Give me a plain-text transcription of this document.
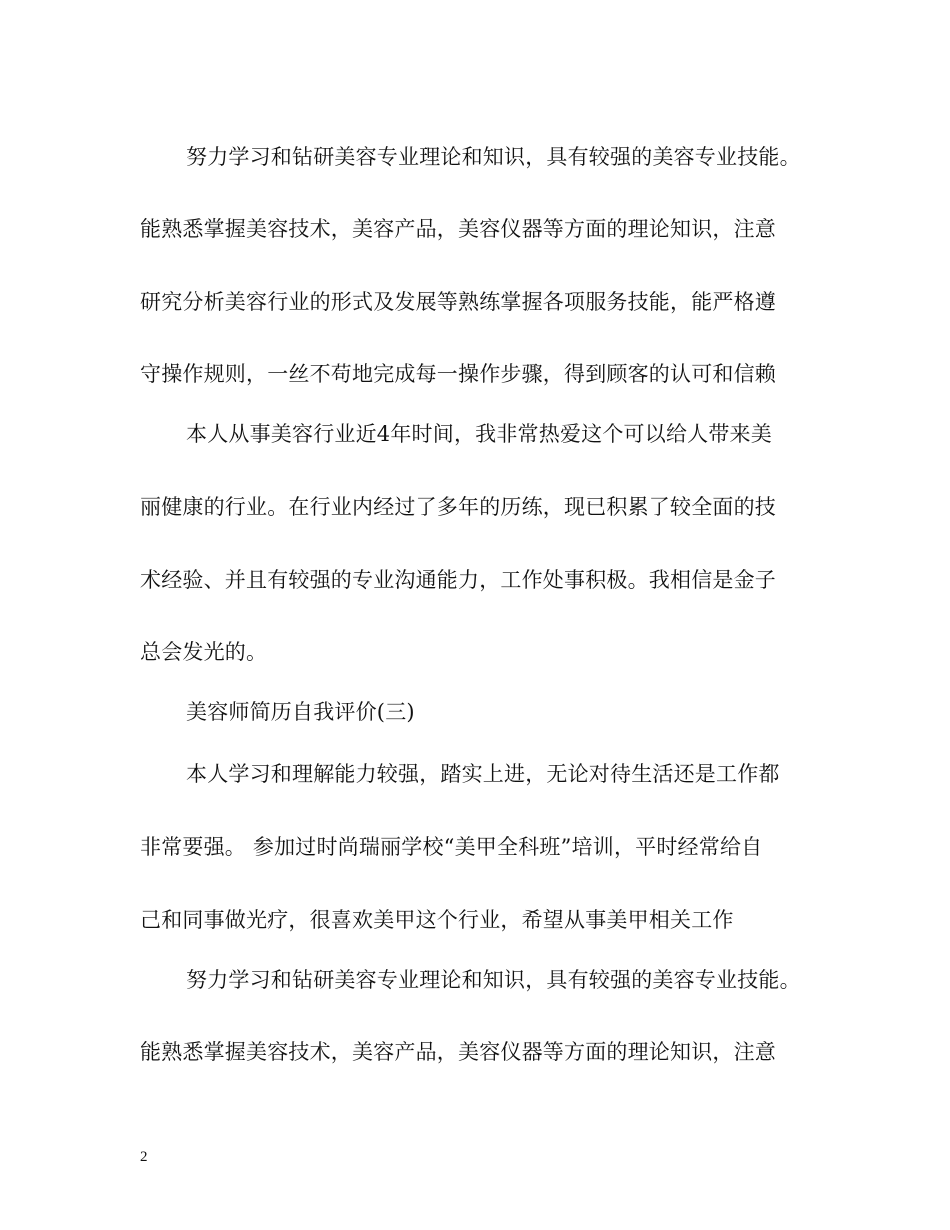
努力学习和钻研美容专业理论和知识，具有较强的美容专业技能。
能熟悉掌握美容技术，美容产品，美容仪器等方面的理论知识，注意
研究分析美容行业的形式及发展等熟练掌握各项服务技能，能严格遵
守操作规则，一丝不苟地完成每一操作步骤，得到顾客的认可和信赖
本人从事美容行业近4年时间，我非常热爱这个可以给人带来美
丽健康的行业。在行业内经过了多年的历练，现已积累了较全面的技
术经验、并且有较强的专业沟通能力，工作处事积极。我相信是金子
总会发光的。
美容师简历自我评价(三)
本人学习和理解能力较强，踏实上进，无论对待生活还是工作都
非常要强。 参加过时尚瑞丽学校“美甲全科班”培训，平时经常给自
己和同事做光疗，很喜欢美甲这个行业，希望从事美甲相关工作
努力学习和钻研美容专业理论和知识，具有较强的美容专业技能。
能熟悉掌握美容技术，美容产品，美容仪器等方面的理论知识，注意
2
